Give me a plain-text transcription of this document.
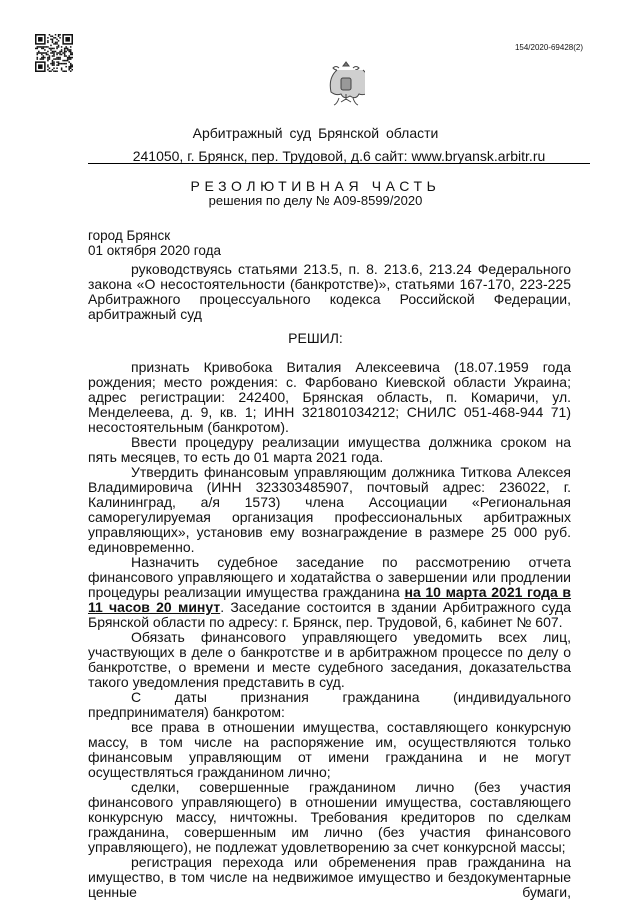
154/2020-69428(2)
Арбитражный суд Брянской области
241050, г. Брянск, пер. Трудовой, д.6 сайт: www.bryansk.arbitr.ru
РЕЗОЛЮТИВНАЯ ЧАСТЬ
решения по делу № А09-8599/2020
город Брянск
01 октября 2020 года

руководствуясь статьями 213.5, п. 8. 213.6, 213.24 Федерального закона «О несостоятельности (банкротстве)», статьями 167-170, 223-225 Арбитражного процессуального кодекса Российской Федерации, арбитражный суд

РЕШИЛ:

признать Кривобока Виталия Алексеевича (18.07.1959 года рождения; место рождения: с. Фарбовано Киевской области Украина; адрес регистрации: 242400, Брянская область, п. Комаричи, ул. Менделеева, д. 9, кв. 1; ИНН 321801034212; СНИЛС 051-468-944 71) несостоятельным (банкротом).

Ввести процедуру реализации имущества должника сроком на пять месяцев, то есть до 01 марта 2021 года.

Утвердить финансовым управляющим должника Титкова Алексея Владимировича (ИНН 323303485907, почтовый адрес: 236022, г. Калининград, а/я 1573) члена Ассоциации «Региональная саморегулируемая организация профессиональных арбитражных управляющих», установив ему вознаграждение в размере 25 000 руб. единовременно.

Назначить судебное заседание по рассмотрению отчета финансового управляющего и ходатайства о завершении или продлении процедуры реализации имущества гражданина на 10 марта 2021 года в 11 часов 20 минут. Заседание состоится в здании Арбитражного суда Брянской области по адресу: г. Брянск, пер. Трудовой, 6, кабинет № 607.

Обязать финансового управляющего уведомить всех лиц, участвующих в деле о банкротстве и в арбитражном процессе по делу о банкротстве, о времени и месте судебного заседания, доказательства такого уведомления представить в суд.

С даты признания гражданина (индивидуального предпринимателя) банкротом:

все права в отношении имущества, составляющего конкурсную массу, в том числе на распоряжение им, осуществляются только финансовым управляющим от имени гражданина и не могут осуществляться гражданином лично;

сделки, совершенные гражданином лично (без участия финансового управляющего) в отношении имущества, составляющего конкурсную массу, ничтожны. Требования кредиторов по сделкам гражданина, совершенным им лично (без участия финансового управляющего), не подлежат удовлетворению за счет конкурсной массы;

регистрация перехода или обременения прав гражданина на имущество, в том числе на недвижимое имущество и бездокументарные ценные бумаги,
